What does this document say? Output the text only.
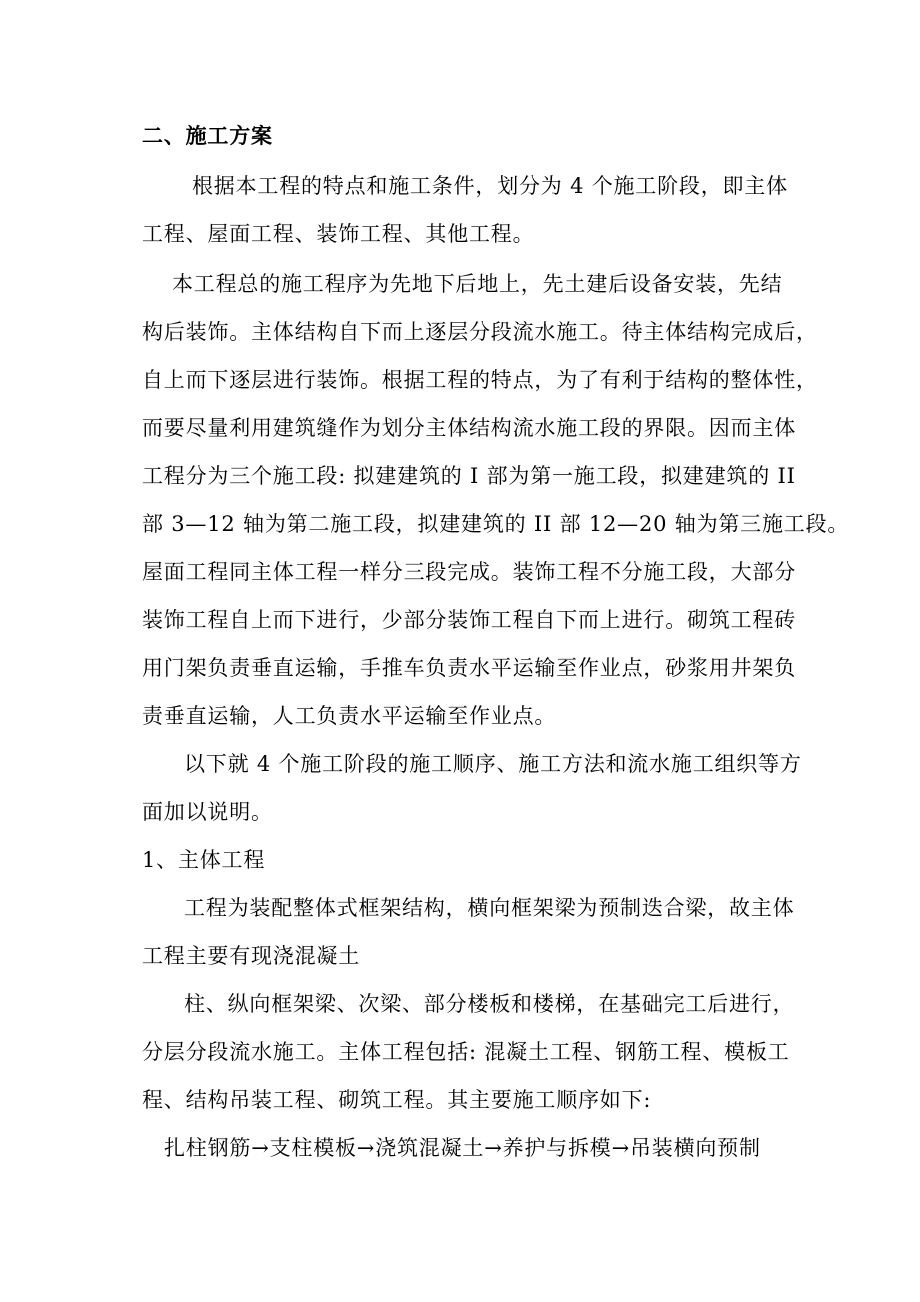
二、施工方案
根据本工程的特点和施工条件，划分为 4 个施工阶段，即主体
工程、屋面工程、装饰工程、其他工程。
本工程总的施工程序为先地下后地上，先土建后设备安装，先结
构后装饰。主体结构自下而上逐层分段流水施工。待主体结构完成后，
自上而下逐层进行装饰。根据工程的特点，为了有利于结构的整体性，
而要尽量利用建筑缝作为划分主体结构流水施工段的界限。因而主体
工程分为三个施工段: 拟建建筑的 I 部为第一施工段，拟建建筑的 II
部 3—12 轴为第二施工段，拟建建筑的 II 部 12—20 轴为第三施工段。
屋面工程同主体工程一样分三段完成。装饰工程不分施工段，大部分
装饰工程自上而下进行，少部分装饰工程自下而上进行。砌筑工程砖
用门架负责垂直运输，手推车负责水平运输至作业点，砂浆用井架负
责垂直运输，人工负责水平运输至作业点。
以下就 4 个施工阶段的施工顺序、施工方法和流水施工组织等方
面加以说明。
1、主体工程
工程为装配整体式框架结构，横向框架梁为预制迭合梁，故主体
工程主要有现浇混凝土
柱、纵向框架梁、次梁、部分楼板和楼梯，在基础完工后进行，
分层分段流水施工。主体工程包括: 混凝土工程、钢筋工程、模板工
程、结构吊装工程、砌筑工程。其主要施工顺序如下:
扎柱钢筋→支柱模板→浇筑混凝土→养护与拆模→吊装横向预制
